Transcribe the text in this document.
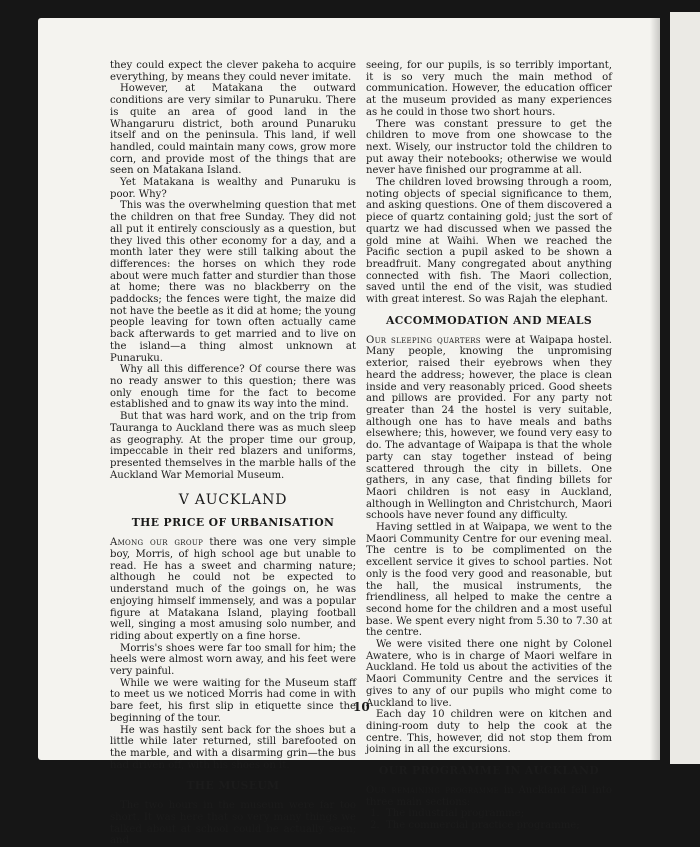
they could expect the clever pakeha to acquire everything, by means they could never imitate.

However, at Matakana the outward conditions are very similar to Punaruku. There is quite an area of good land in the Whangaruru district, both around Punaruku itself and on the peninsula. This land, if well handled, could maintain many cows, grow more corn, and provide most of the things that are seen on Matakana Island.

Yet Matakana is wealthy and Punaruku is poor. Why?

This was the overwhelming question that met the children on that free Sunday. They did not all put it entirely consciously as a question, but they lived this other economy for a day, and a month later they were still talking about the differences: the horses on which they rode about were much fatter and sturdier than those at home; there was no blackberry on the paddocks; the fences were tight, the maize did not have the beetle as it did at home; the young people leaving for town often actually came back afterwards to get married and to live on the island—a thing almost unknown at Punaruku.

Why all this difference? Of course there was no ready answer to this question; there was only enough time for the fact to become established and to gnaw its way into the mind.

But that was hard work, and on the trip from Tauranga to Auckland there was as much sleep as geography. At the proper time our group, impeccable in their red blazers and uniforms, presented themselves in the marble halls of the Auckland War Memorial Museum.

V AUCKLAND
THE PRICE OF URBANISATION

Among our group there was one very simple boy, Morris, of high school age but unable to read. He has a sweet and charming nature; although he could not be expected to understand much of the goings on, he was enjoying himself immensely, and was a popular figure at Matakana Island, playing football well, singing a most amusing solo number, and riding about expertly on a fine horse.

Morris's shoes were far too small for him; the heels were almost worn away, and his feet were very painful.

While we were waiting for the Museum staff to meet us we noticed Morris had come in with bare feet, his first slip in etiquette since the beginning of the tour.

He was hastily sent back for the shoes but a little while later returned, still barefooted on the marble, and with a disarming grin—the bus had driven off, with his shoes on it.

THE MUSEUM

The two hours in the museum were far too short. It was here that so very many things we talked about at school could be actually seen; and

seeing, for our pupils, is so terribly important, it is so very much the main method of communication. However, the education officer at the museum provided as many experiences as he could in those two short hours.

There was constant pressure to get the children to move from one showcase to the next. Wisely, our instructor told the children to put away their notebooks; otherwise we would never have finished our programme at all.

The children loved browsing through a room, noting objects of special significance to them, and asking questions. One of them discovered a piece of quartz containing gold; just the sort of quartz we had discussed when we passed the gold mine at Waihi. When we reached the Pacific section a pupil asked to be shown a breadfruit. Many congregated about anything connected with fish. The Maori collection, saved until the end of the visit, was studied with great interest. So was Rajah the elephant.

ACCOMMODATION AND MEALS

Our sleeping quarters were at Waipapa hostel. Many people, knowing the unpromising exterior, raised their eyebrows when they heard the address; however, the place is clean inside and very reasonably priced. Good sheets and pillows are provided. For any party not greater than 24 the hostel is very suitable, although one has to have meals and baths elsewhere; this, however, we found very easy to do. The advantage of Waipapa is that the whole party can stay together instead of being scattered through the city in billets. One gathers, in any case, that finding billets for Maori children is not easy in Auckland, although in Wellington and Christchurch, Maori schools have never found any difficulty.

Having settled in at Waipapa, we went to the Maori Community Centre for our evening meal. The centre is to be complimented on the excellent service it gives to school parties. Not only is the food very good and reasonable, but the hall, the musical instruments, the friendliness, all helped to make the centre a second home for the children and a most useful base. We spent every night from 5.30 to 7.30 at the centre.

We were visited there one night by Colonel Awatere, who is in charge of Maori welfare in Auckland. He told us about the activities of the Maori Community Centre and the services it gives to any of our pupils who might come to Auckland to live.

Each day 10 children were on kitchen and dining-room duty to help the cook at the centre. This, however, did not stop them from joining in all the excursions.

OUR PROGRAMME IN AUCKLAND

Our remaining programme in Auckland fell into three main sections:

1. The industrial programme;
2. The commercial practice programme;
10
